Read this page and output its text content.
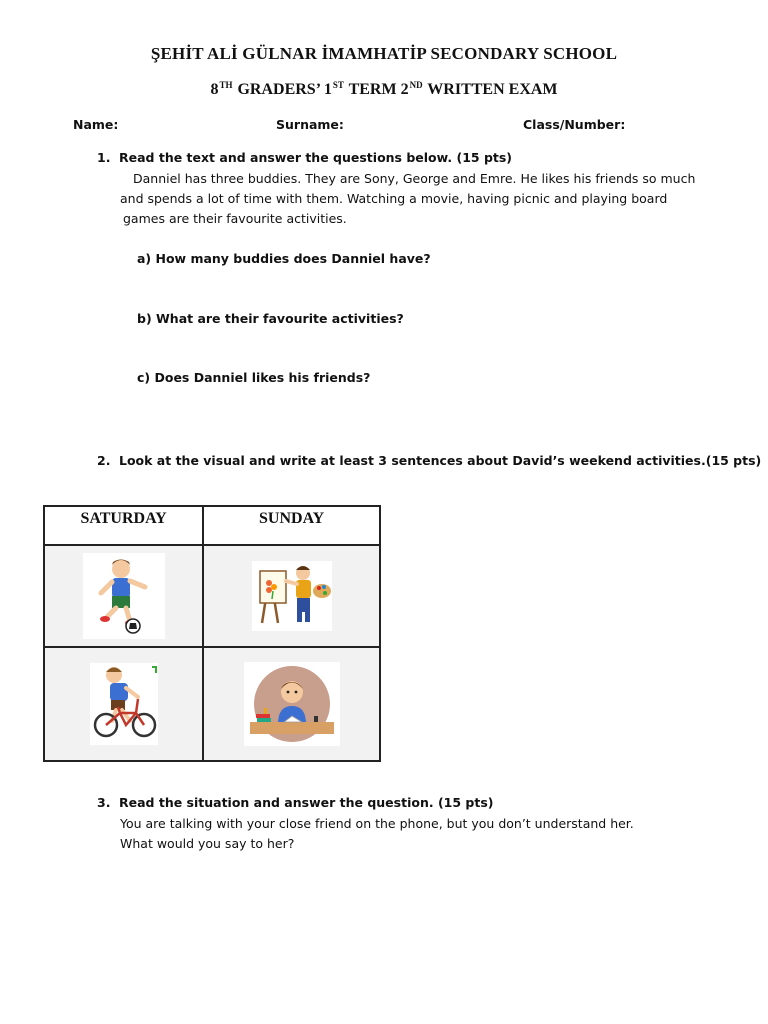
ŞEHİT ALİ GÜLNAR İMAMHATİP SECONDARY SCHOOL
8TH GRADERS’ 1ST TERM 2ND WRITTEN EXAM
Name:	Surname:	Class/Number:
1. Read the text and answer the questions below. (15 pts)
Danniel has three buddies. They are Sony, George and Emre. He likes his friends so much
and spends a lot of time with them. Watching a movie, having picnic and playing board
games are their favourite activities.
a) How many buddies does Danniel have?
b) What are their favourite activities?
c) Does Danniel likes his friends?
2. Look at the visual and write at least 3 sentences about David’s weekend activities.(15 pts)
SATURDAY	SUNDAY

3. Read the situation and answer the question. (15 pts)
You are talking with your close friend on the phone, but you don’t understand her.
What would you say to her?
